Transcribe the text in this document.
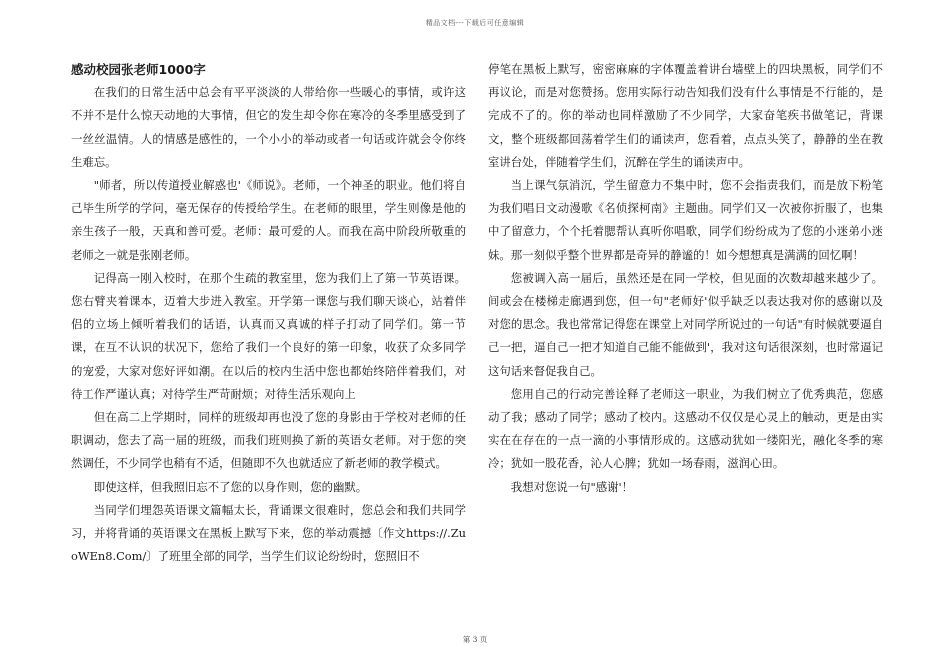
精品文档---下载后可任意编辑
感动校园张老师1000字

在我们的日常生活中总会有平平淡淡的人带给你一些暖心的事情，或许这不并不是什么惊天动地的大事情，但它的发生却令你在寒冷的冬季里感受到了一丝丝温情。人的情感是感性的，一个小小的举动或者一句话或许就会令你终生难忘。

"师者，所以传道授业解惑也'《师说》。老师，一个神圣的职业。他们将自己毕生所学的学问，毫无保存的传授给学生。在老师的眼里，学生则像是他的亲生孩子一般，天真和善可爱。老师：最可爱的人。而我在高中阶段所敬重的老师之一就是张刚老师。

记得高一刚入校时，在那个生疏的教室里，您为我们上了第一节英语课。您右臂夹着课本，迈着大步进入教室。开学第一课您与我们聊天谈心，站着伴侣的立场上倾听着我们的话语，认真而又真诚的样子打动了同学们。第一节课，在互不认识的状况下，您给了我们一个良好的第一印象，收获了众多同学的宠爱，大家对您好评如潮。在以后的校内生活中您也都始终陪伴着我们，对待工作严谨认真；对待学生严苛耐烦；对待生活乐观向上

但在高二上学期时，同样的班级却再也没了您的身影由于学校对老师的任职调动，您去了高一届的班级，而我们班则换了新的英语女老师。对于您的突然调任，不少同学也稍有不适，但随即不久也就适应了新老师的教学模式。

即使这样，但我照旧忘不了您的以身作则，您的幽默。

当同学们埋怨英语课文篇幅太长，背诵课文很难时，您总会和我们共同学习，并将背诵的英语课文在黑板上默写下来，您的举动震撼〔作文https://.ZuoWEn8.Com/〕了班里全部的同学，当学生们议论纷纷时，您照旧不

停笔在黑板上默写，密密麻麻的字体覆盖着讲台墙壁上的四块黑板，同学们不再议论，而是对您赞扬。您用实际行动告知我们没有什么事情是不行能的，是完成不了的。你的举动也同样激励了不少同学，大家奋笔疾书做笔记，背课文，整个班级都回荡着学生们的诵读声，您看着，点点头笑了，静静的坐在教室讲台处，伴随着学生们，沉醉在学生的诵读声中。

当上课气氛消沉，学生留意力不集中时，您不会指责我们，而是放下粉笔为我们唱日文动漫歌《名侦探柯南》主题曲。同学们又一次被你折服了，也集中了留意力，个个托着腮帮认真听你唱歌，同学们纷纷成为了您的小迷弟小迷妹。那一刻似乎整个世界都是奇异的静谧的！如今想想真是满满的回忆啊！

您被调入高一届后，虽然还是在同一学校，但见面的次数却越来越少了。间或会在楼梯走廊遇到您，但一句"老师好'似乎缺乏以表达我对你的感谢以及对您的思念。我也常常记得您在课堂上对同学所说过的一句话"有时候就要逼自己一把，逼自己一把才知道自己能不能做到'，我对这句话很深刻，也时常逼记这句话来督促我自己。

您用自己的行动完善诠释了老师这一职业，为我们树立了优秀典范，您感动了我；感动了同学；感动了校内。这感动不仅仅是心灵上的触动，更是由实实在在存在的一点一滴的小事情形成的。这感动犹如一缕阳光，融化冬季的寒冷；犹如一股花香，沁人心脾；犹如一场春雨，滋润心田。

我想对您说一句"感谢'！

第 3 页
